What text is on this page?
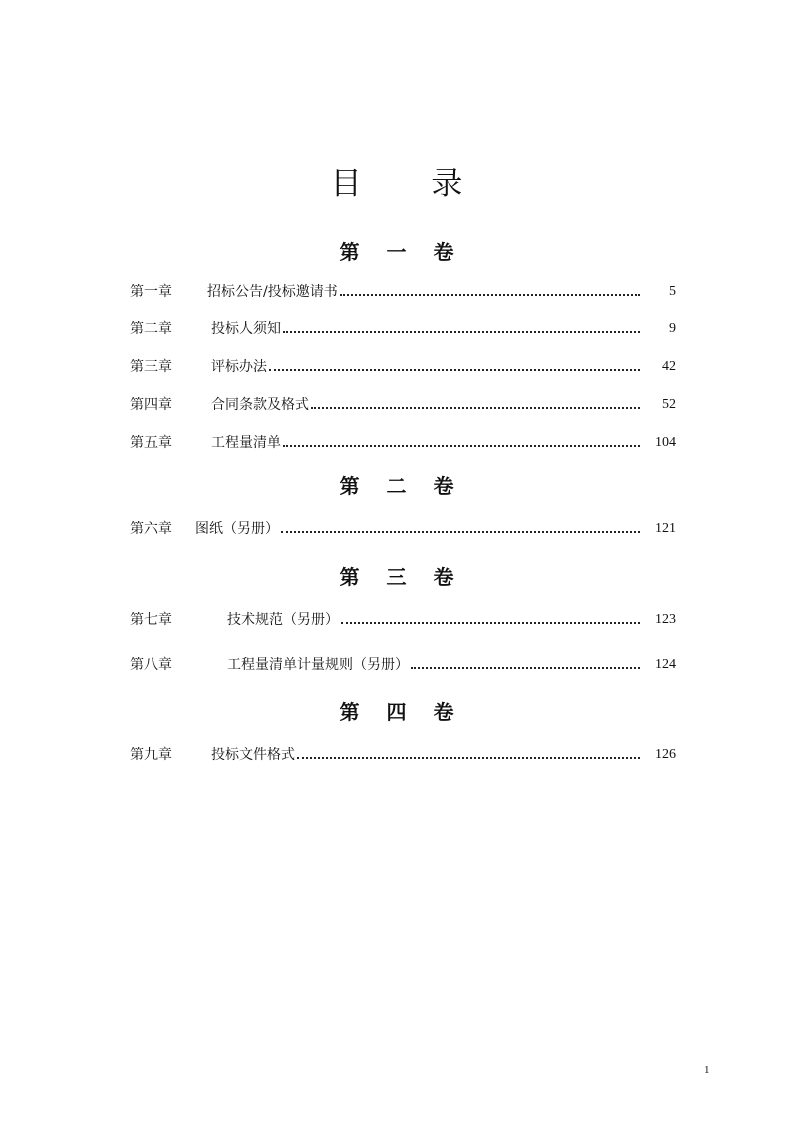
目 录
第 一 卷
第一章	招标公告/投标邀请书	5
第二章	投标人须知	9
第三章	评标办法	42
第四章	合同条款及格式	52
第五章	工程量清单	104
第 二 卷
第六章 图纸（另册）	121
第 三 卷
第七章	技术规范（另册）	123
第八章	工程量清单计量规则（另册）	124
第 四 卷
第九章	投标文件格式	126
1
